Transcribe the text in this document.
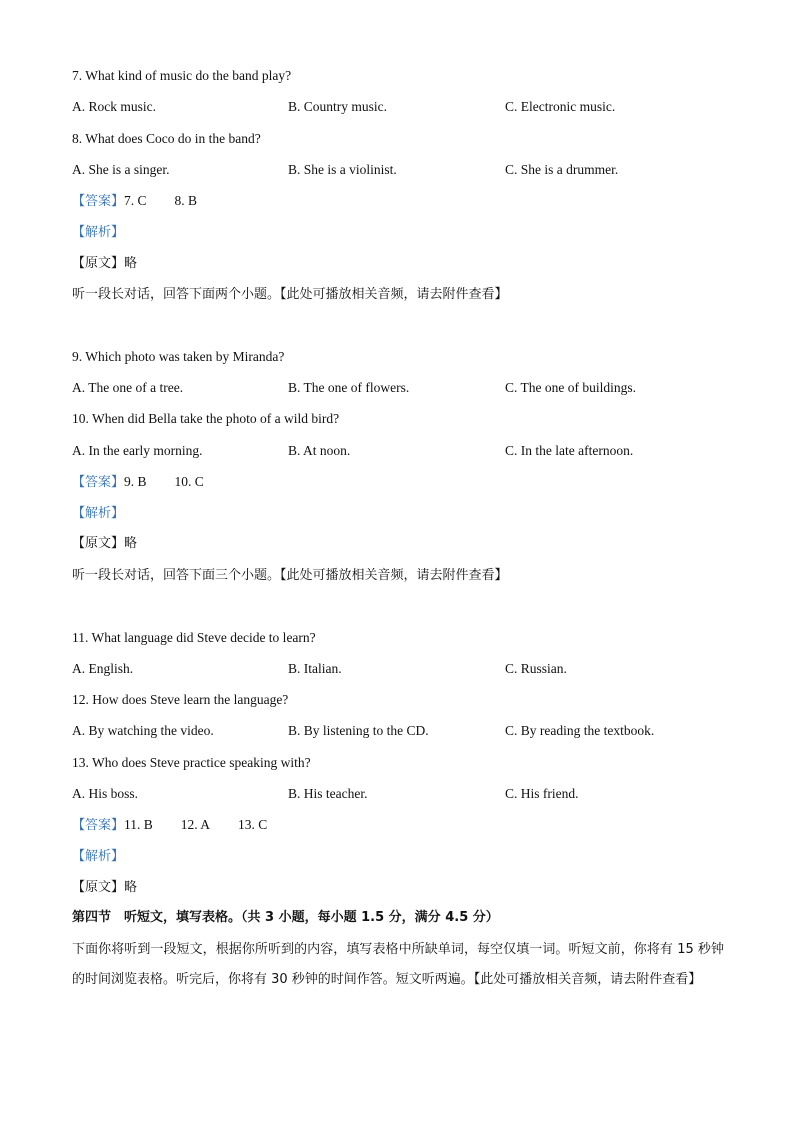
7. What kind of music do the band play?
A. Rock music.	B. Country music.	C. Electronic music.
8. What does Coco do in the band?
A. She is a singer.	B. She is a violinist.	C. She is a drummer.
【答案】7. C 8. B
【解析】
【原文】略
听一段长对话，回答下面两个小题。【此处可播放相关音频，请去附件查看】
9. Which photo was taken by Miranda?
A. The one of a tree.	B. The one of flowers.	C. The one of buildings.
10. When did Bella take the photo of a wild bird?
A. In the early morning.	B. At noon.	C. In the late afternoon.
【答案】9. B 10. C
【解析】
【原文】略
听一段长对话，回答下面三个小题。【此处可播放相关音频，请去附件查看】
11. What language did Steve decide to learn?
A. English.	B. Italian.	C. Russian.
12. How does Steve learn the language?
A. By watching the video.	B. By listening to the CD.	C. By reading the textbook.
13. Who does Steve practice speaking with?
A. His boss.	B. His teacher.	C. His friend.
【答案】11. B 12. A 13. C
【解析】
【原文】略
第四节　听短文，填写表格。（共 3 小题，每小题 1.5 分，满分 4.5 分）
下面你将听到一段短文，根据你所听到的内容，填写表格中所缺单词，每空仅填一词。听短文前，你将有 15 秒钟的时间浏览表格。听完后，你将有 30 秒钟的时间作答。短文听两遍。【此处可播放相关音频，请去附件查看】
